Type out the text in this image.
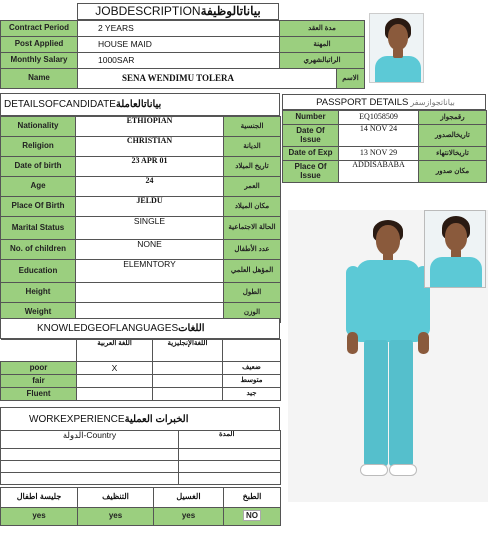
JOBDESCRIPTIONبياناتالوظيفة
Contract Period	2 YEARS	مدة العقد	
Post Applied	HOUSE MAID	المهنة	
Monthly Salary	1000SAR	الراتبالشهري	
Name	SENA WENDIMU TOLERA		الاسم
DETAILSOFCANDIDATE بياناتالعاملة
Nationality	ETHIOPIAN	الجنسية
Religion	CHRISTIAN	الديانة
Date of birth	23 APR 01	تاريخ الميلاد
Age	24	العمر
Place Of Birth	JELDU	مكان الميلاد
Marital Status	SINGLE	الحالة الاجتماعية
No. of children	NONE	عدد الأطفال
Education	ELEMNTORY	المؤهل العلمي
Height		الطول
Weight		الوزن
PASSPORT DETAILS بياناتجوازسفر
Number	EQ1058509	رقمجواز
Date Of Issue	14 NOV 24	تاريخالصدور
Date of Exp	13 NOV 29	تاريخالانتهاء
Place Of Issue	ADDISABABA	مكان صدور
KNOWLEDGEOFLANGUAGES اللغات
	اللغة العربية	اللغةالإنجليزية	
poor	X		ضعيف
fair			متوسط
Fluent			جيد
WORKEXPERIENCE الخبرات العملية
الدولة-Country	المدة

جليسة اطفال	التنظيف	الغسيل	الطبخ
yes	yes	yes	NO
